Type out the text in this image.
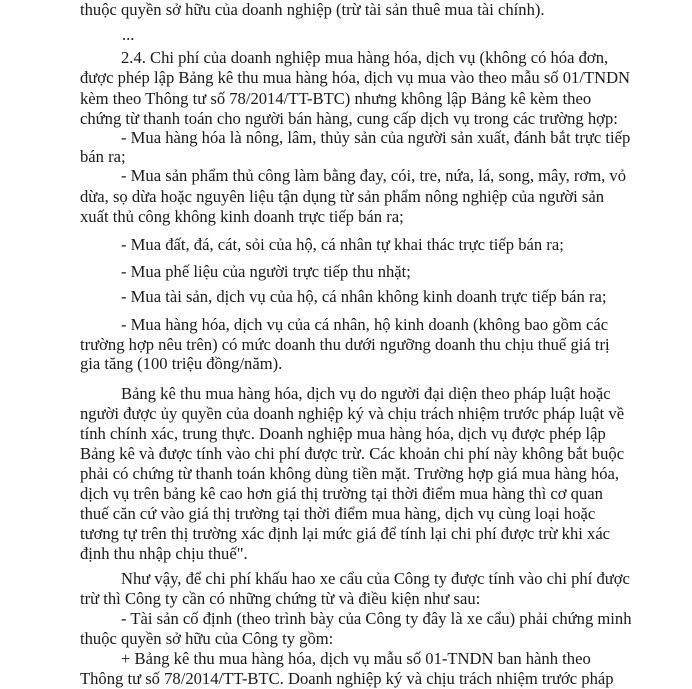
thuộc quyền sở hữu của doanh nghiệp (trừ tài sản thuê mua tài chính).

...

2.4. Chi phí của doanh nghiệp mua hàng hóa, dịch vụ (không có hóa đơn,

được phép lập Bảng kê thu mua hàng hóa, dịch vụ mua vào theo mẫu số 01/TNDN

kèm theo Thông tư số 78/2014/TT-BTC) nhưng không lập Bảng kê kèm theo

chứng từ thanh toán cho người bán hàng, cung cấp dịch vụ trong các trường hợp:

- Mua hàng hóa là nông, lâm, thủy sản của người sản xuất, đánh bắt trực tiếp

bán ra;

- Mua sản phẩm thủ công làm bằng đay, cói, tre, nứa, lá, song, mây, rơm, vỏ

dừa, sọ dừa hoặc nguyên liệu tận dụng từ sản phẩm nông nghiệp của người sản

xuất thủ công không kinh doanh trực tiếp bán ra;

- Mua đất, đá, cát, sỏi của hộ, cá nhân tự khai thác trực tiếp bán ra;

- Mua phế liệu của người trực tiếp thu nhặt;

- Mua tài sản, dịch vụ của hộ, cá nhân không kinh doanh trực tiếp bán ra;

- Mua hàng hóa, dịch vụ của cá nhân, hộ kinh doanh (không bao gồm các

trường hợp nêu trên) có mức doanh thu dưới ngưỡng doanh thu chịu thuế giá trị

gia tăng (100 triệu đồng/năm).

Bảng kê thu mua hàng hóa, dịch vụ do người đại diện theo pháp luật hoặc

người được ủy quyền của doanh nghiệp ký và chịu trách nhiệm trước pháp luật về

tính chính xác, trung thực. Doanh nghiệp mua hàng hóa, dịch vụ được phép lập

Bảng kê và được tính vào chi phí được trừ. Các khoản chi phí này không bắt buộc

phải có chứng từ thanh toán không dùng tiền mặt. Trường hợp giá mua hàng hóa,

dịch vụ trên bảng kê cao hơn giá thị trường tại thời điểm mua hàng thì cơ quan

thuế căn cứ vào giá thị trường tại thời điểm mua hàng, dịch vụ cùng loại hoặc

tương tự trên thị trường xác định lại mức giá để tính lại chi phí được trừ khi xác

định thu nhập chịu thuế".

Như vậy, để chi phí khấu hao xe cẩu của Công ty được tính vào chi phí được

trừ thì Công ty cần có những chứng từ và điều kiện như sau:

- Tài sản cố định (theo trình bày của Công ty đây là xe cẩu) phải chứng minh

thuộc quyền sở hữu của Công ty gồm:

+ Bảng kê thu mua hàng hóa, dịch vụ mẫu số 01-TNDN ban hành theo

Thông tư số 78/2014/TT-BTC. Doanh nghiệp ký và chịu trách nhiệm trước pháp
